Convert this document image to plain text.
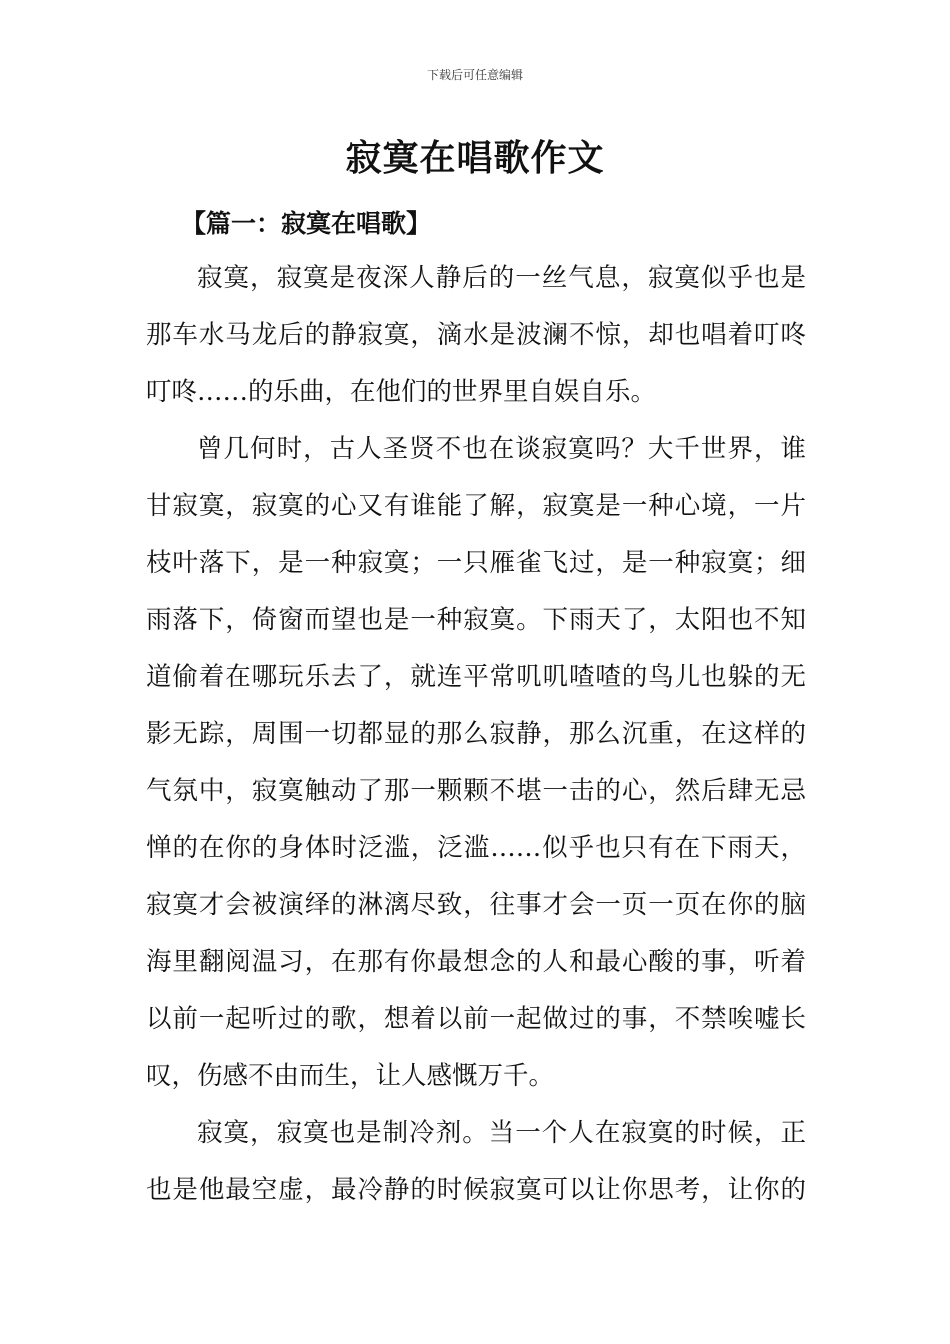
下载后可任意编辑
寂寞在唱歌作文
【篇一：寂寞在唱歌】
寂寞，寂寞是夜深人静后的一丝气息，寂寞似乎也是
那车水马龙后的静寂寞，滴水是波澜不惊，却也唱着叮咚
叮咚……的乐曲，在他们的世界里自娱自乐。
曾几何时，古人圣贤不也在谈寂寞吗？大千世界，谁
甘寂寞，寂寞的心又有谁能了解，寂寞是一种心境，一片
枝叶落下，是一种寂寞；一只雁雀飞过，是一种寂寞；细
雨落下，倚窗而望也是一种寂寞。下雨天了，太阳也不知
道偷着在哪玩乐去了，就连平常叽叽喳喳的鸟儿也躲的无
影无踪，周围一切都显的那么寂静，那么沉重，在这样的
气氛中，寂寞触动了那一颗颗不堪一击的心，然后肆无忌
惮的在你的身体时泛滥，泛滥……似乎也只有在下雨天，
寂寞才会被演绎的淋漓尽致，往事才会一页一页在你的脑
海里翻阅温习，在那有你最想念的人和最心酸的事，听着
以前一起听过的歌，想着以前一起做过的事，不禁唉嘘长
叹，伤感不由而生，让人感慨万千。
寂寞，寂寞也是制冷剂。当一个人在寂寞的时候，正
也是他最空虚，最冷静的时候寂寞可以让你思考，让你的
